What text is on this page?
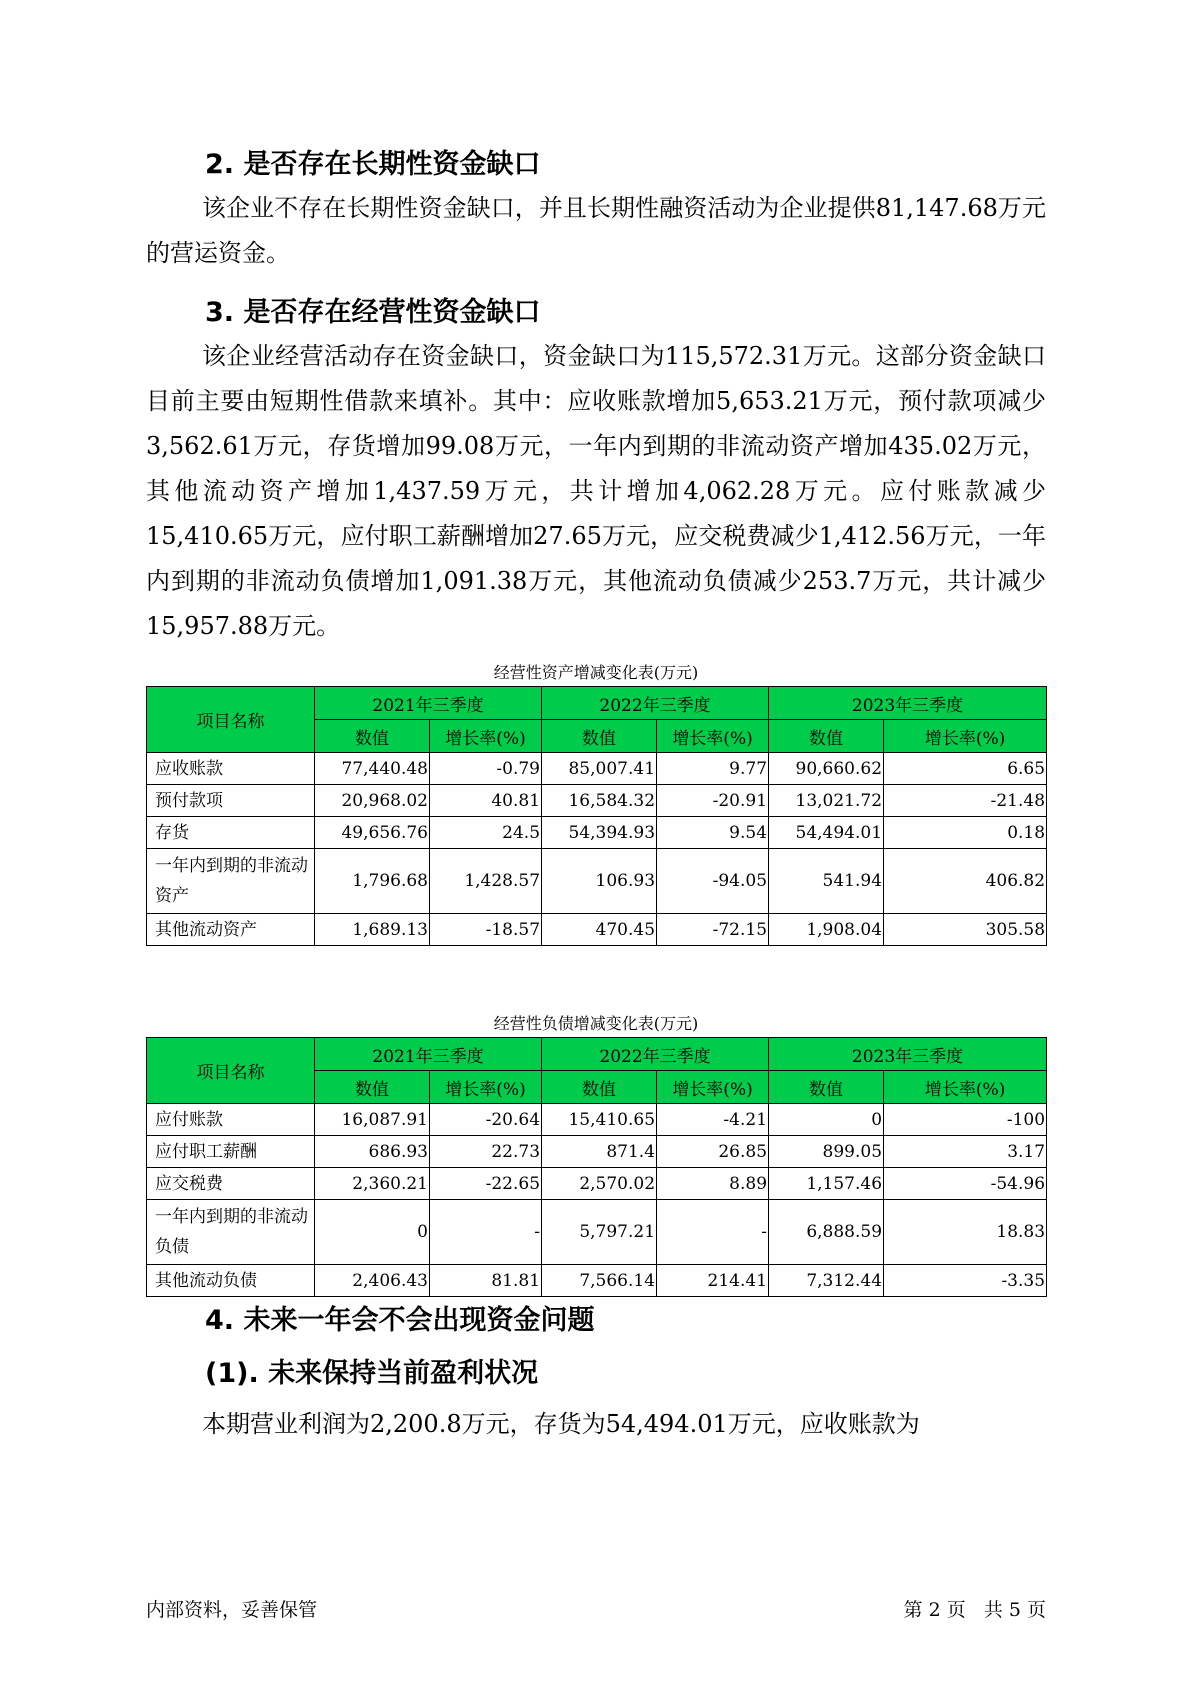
2. 是否存在长期性资金缺口

该企业不存在长期性资金缺口，并且长期性融资活动为企业提供81,147.68万元的营运资金。

3. 是否存在经营性资金缺口

该企业经营活动存在资金缺口，资金缺口为115,572.31万元。这部分资金缺口目前主要由短期性借款来填补。其中：应收账款增加5,653.21万元，预付款项减少3,562.61万元，存货增加99.08万元，一年内到期的非流动资产增加435.02万元，其他流动资产增加1,437.59万元，共计增加4,062.28万元。应付账款减少15,410.65万元，应付职工薪酬增加27.65万元，应交税费减少1,412.56万元，一年内到期的非流动负债增加1,091.38万元，其他流动负债减少253.7万元，共计减少15,957.88万元。

经营性资产增减变化表(万元)

项目名称	2021年三季度		2022年三季度		2023年三季度	
	数值	增长率(%)	数值	增长率(%)	数值	增长率(%)
应收账款	77,440.48	-0.79	85,007.41	9.77	90,660.62	6.65
预付款项	20,968.02	40.81	16,584.32	-20.91	13,021.72	-21.48
存货	49,656.76	24.5	54,394.93	9.54	54,494.01	0.18
一年内到期的非流动资产	1,796.68	1,428.57	106.93	-94.05	541.94	406.82
其他流动资产	1,689.13	-18.57	470.45	-72.15	1,908.04	305.58

经营性负债增减变化表(万元)

项目名称	2021年三季度		2022年三季度		2023年三季度	
	数值	增长率(%)	数值	增长率(%)	数值	增长率(%)
应付账款	16,087.91	-20.64	15,410.65	-4.21	0	-100
应付职工薪酬	686.93	22.73	871.4	26.85	899.05	3.17
应交税费	2,360.21	-22.65	2,570.02	8.89	1,157.46	-54.96
一年内到期的非流动负债	0	-	5,797.21	-	6,888.59	18.83
其他流动负债	2,406.43	81.81	7,566.14	214.41	7,312.44	-3.35
4. 未来一年会不会出现资金问题
(1). 未来保持当前盈利状况

本期营业利润为2,200.8万元，存货为54,494.01万元，应收账款为

内部资料，妥善保管	第 2 页   共 5 页
